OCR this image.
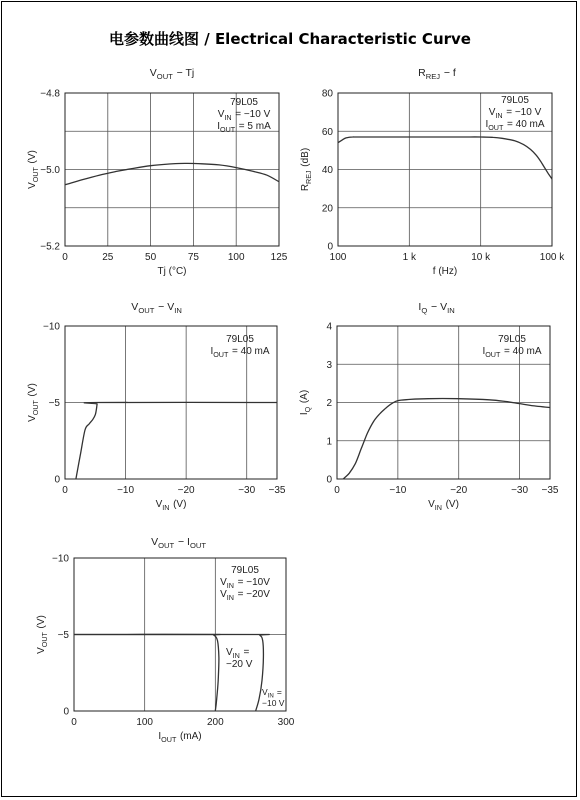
电参数曲线图 / Electrical Characteristic Curve
0	25	50	75	100	125
−5.2
−5.0
−4.8
$V_{OUT}$  − Tj
Tj (°C)
$V_{OUT}$  (V)
79L05
$V_{IN}$  = −10 V
$I_{OUT}$  = 5 mA
100	1 k	10 k	100 k
0
20
40
60
80
$R_{REJ}$  − f
f (Hz)
$R_{REJ}$  (dB)
79L05
$V_{IN}$  = −10 V
$I_{OUT}$  = 40 mA
0	−10	−20	−30 −35
0
−5
−10
$V_{OUT}$  − $V_{IN}$ 
$V_{IN}$  (V)
$V_{OUT}$  (V)
79L05
$I_{OUT}$  = 40 mA
0	−10	−20	−30 −35
0
1
2
3
4
$I_Q$  − $V_{IN}$ 
$V_{IN}$  (V)
$I_Q$  (A)
79L05
$I_{OUT}$  = 40 mA
0	100	200	300
0
−5
−10
$V_{OUT}$  − $I_{OUT}$ 
$I_{OUT}$  (mA)
$V_{OUT}$  (V)
79L05
$V_{IN}$  = −10V
$V_{IN}$  = −20V
$V_{IN}$  =
−20 V
$V_{IN}$  =
−10 V
